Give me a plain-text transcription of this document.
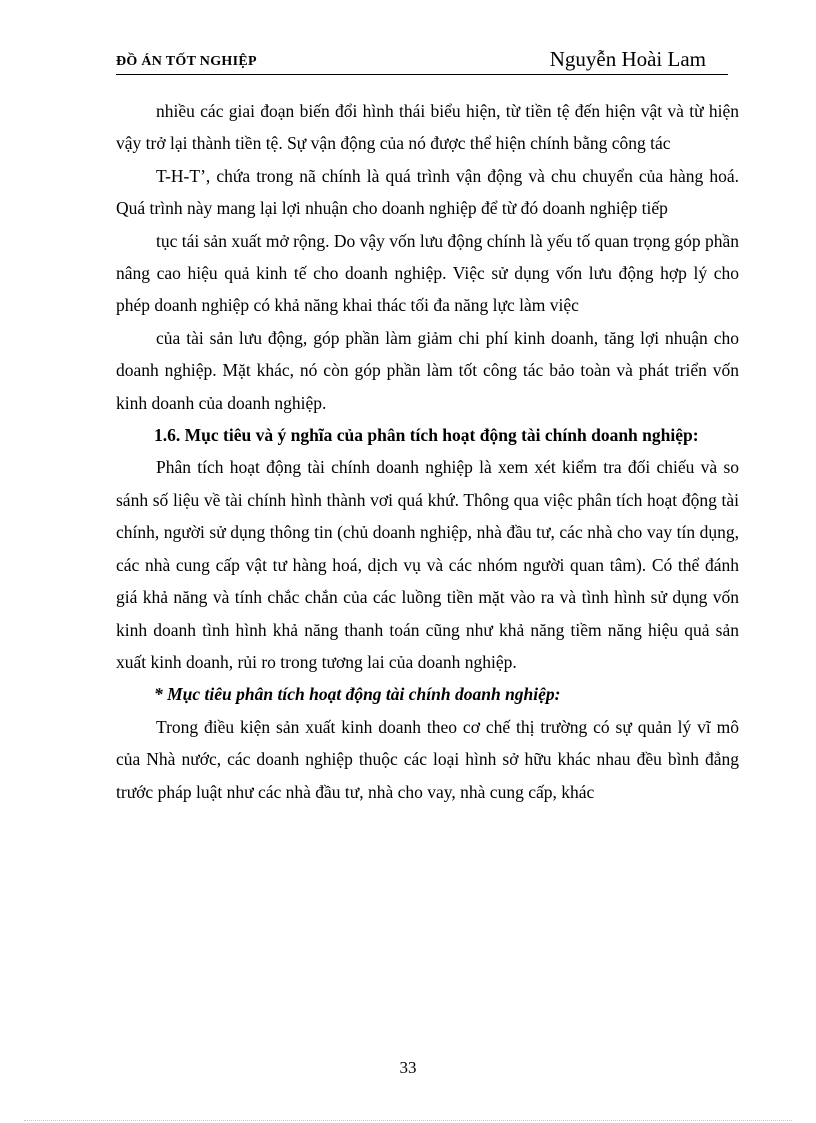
ĐỒ ÁN TỐT NGHIỆP	Nguyễn Hoài Lam

nhiều các giai đoạn biến đổi hình thái biểu hiện, từ tiền tệ đến hiện vật và từ hiện vậy trở lại thành tiền tệ. Sự vận động của nó được thể hiện chính bằng công tác

T-H-T’, chứa trong nã chính là quá trình vận động và chu chuyển của hàng hoá. Quá trình này mang lại lợi nhuận cho doanh nghiệp để từ đó doanh nghiệp tiếp

tục tái sản xuất mở rộng. Do vậy vốn lưu động chính là yếu tố quan trọng góp phần nâng cao hiệu quả kinh tế cho doanh nghiệp. Việc sử dụng vốn lưu động hợp lý cho phép doanh nghiệp có khả năng khai thác tối đa năng lực làm việc

của tài sản lưu động, góp phần làm giảm chi phí kinh doanh, tăng lợi nhuận cho doanh nghiệp. Mặt khác, nó còn góp phần làm tốt công tác bảo toàn và phát triển vốn kinh doanh của doanh nghiệp.

1.6. Mục tiêu và ý nghĩa của phân tích hoạt động tài chính doanh nghiệp:

Phân tích hoạt động tài chính doanh nghiệp là xem xét kiểm tra đối chiếu và so sánh số liệu về tài chính hình thành vơi quá khứ. Thông qua việc phân tích hoạt động tài chính, người sử dụng thông tin (chủ doanh nghiệp, nhà đầu tư, các nhà cho vay tín dụng, các nhà cung cấp vật tư hàng hoá, dịch vụ và các nhóm người quan tâm). Có thể đánh giá khả năng và tính chắc chắn của các luồng tiền mặt vào ra và tình hình sử dụng vốn kinh doanh tình hình khả năng thanh toán cũng như khả năng tiềm năng hiệu quả sản xuất kinh doanh, rủi ro trong tương lai của doanh nghiệp.

* Mục tiêu phân tích hoạt động tài chính doanh nghiệp:

Trong điều kiện sản xuất kinh doanh theo cơ chế thị trường có sự quản lý vĩ mô của Nhà nước, các doanh nghiệp thuộc các loại hình sở hữu khác nhau đều bình đẳng trước pháp luật như các nhà đầu tư, nhà cho vay, nhà cung cấp, khác

33
